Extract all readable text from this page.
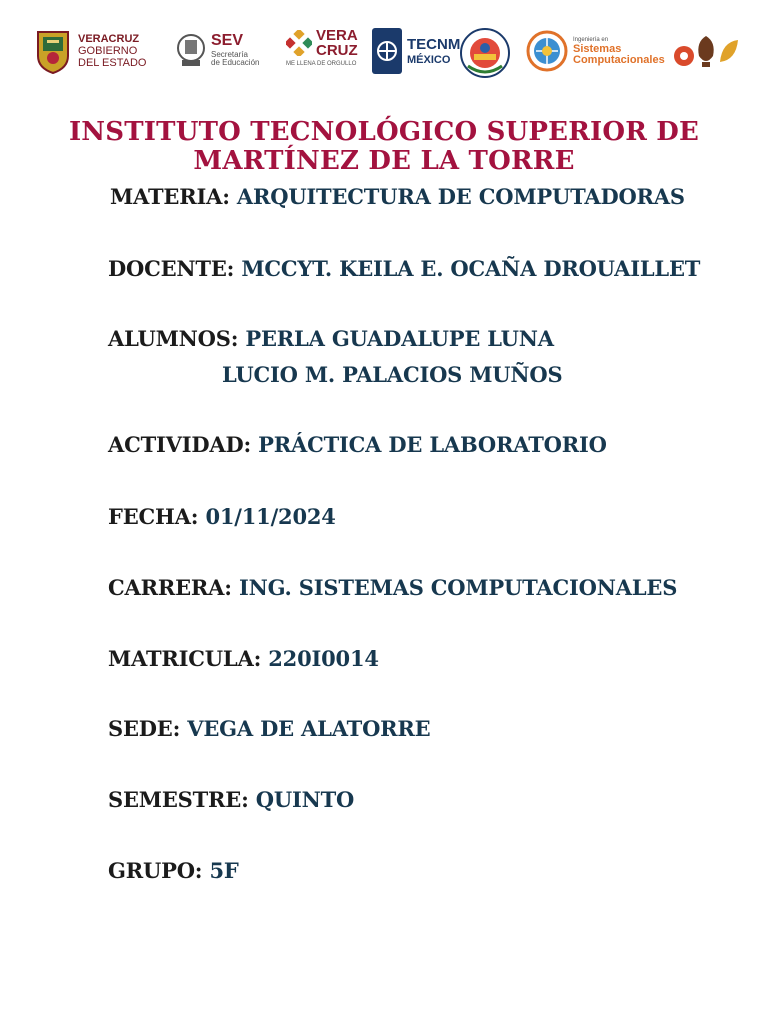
VERACRUZ
GOBIERNO
DEL ESTADO
SEV
Secretaría
de Educación
VERA
CRUZ
ME LLENA DE ORGULLO
TECNM
MÉXICO
Ingeniería en
Sistemas
Computacionales
INSTITUTO TECNOLÓGICO SUPERIOR DE
MARTÍNEZ DE LA TORRE
MATERIA: ARQUITECTURA DE COMPUTADORAS
DOCENTE: MCCYT. KEILA E. OCAÑA DROUAILLET
ALUMNOS: PERLA GUADALUPE LUNA
LUCIO M. PALACIOS MUÑOS
ACTIVIDAD: PRÁCTICA DE LABORATORIO
FECHA: 01/11/2024
CARRERA: ING. SISTEMAS COMPUTACIONALES
MATRICULA: 220I0014
SEDE: VEGA DE ALATORRE
SEMESTRE: QUINTO
GRUPO: 5F
